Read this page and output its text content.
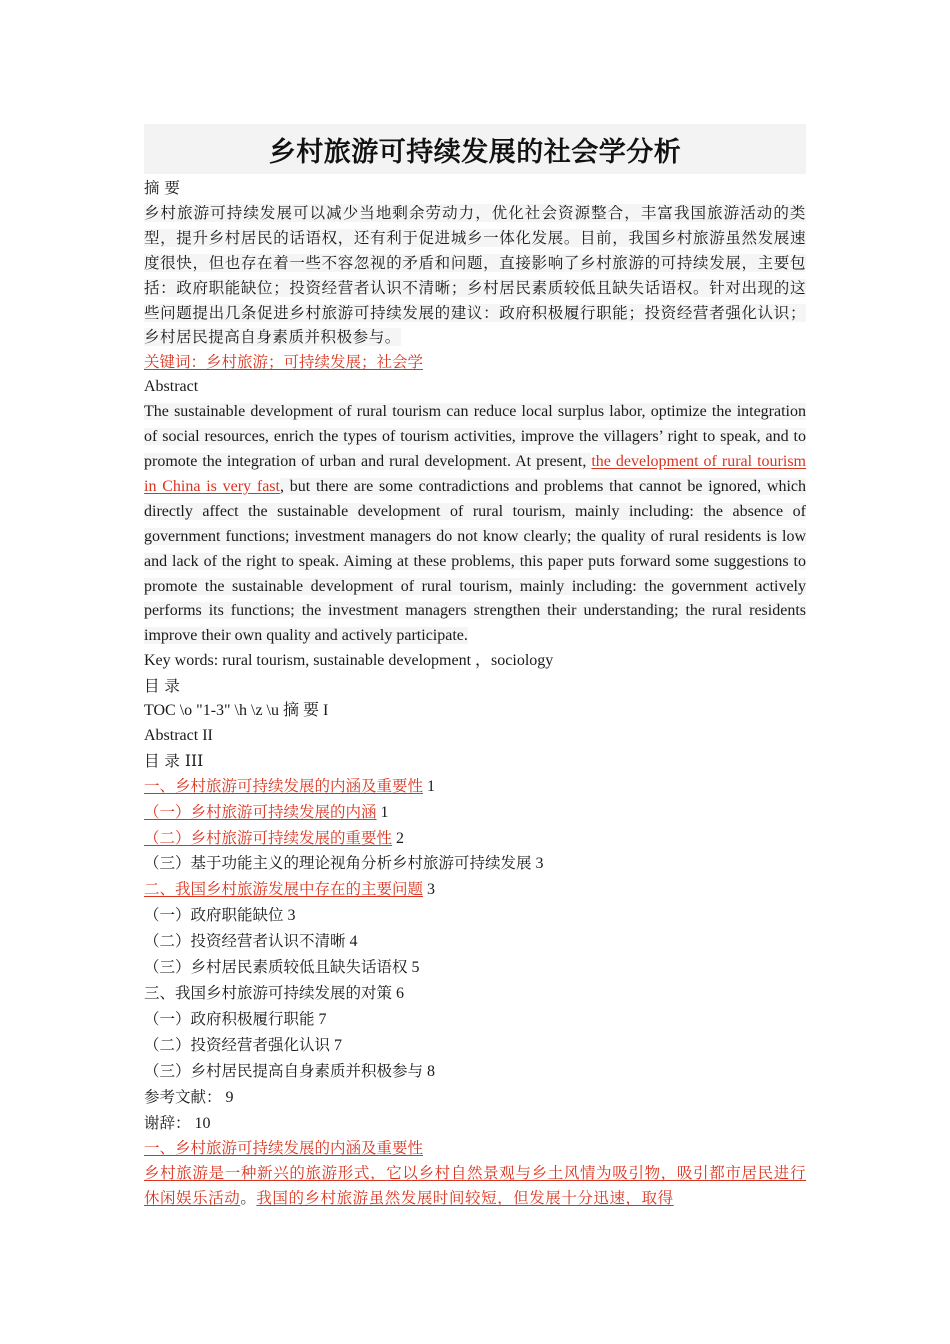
乡村旅游可持续发展的社会学分析
摘 要
乡村旅游可持续发展可以减少当地剩余劳动力，优化社会资源整合，丰富我国旅游活动的类型，提升乡村居民的话语权，还有利于促进城乡一体化发展。目前，我国乡村旅游虽然发展速度很快，但也存在着一些不容忽视的矛盾和问题，直接影响了乡村旅游的可持续发展，主要包括：政府职能缺位；投资经营者认识不清晰；乡村居民素质较低且缺失话语权。针对出现的这些问题提出几条促进乡村旅游可持续发展的建议：政府积极履行职能；投资经营者强化认识；乡村居民提高自身素质并积极参与。
关键词：乡村旅游；可持续发展；社会学
Abstract
The sustainable development of rural tourism can reduce local surplus labor, optimize the integration of social resources, enrich the types of tourism activities, improve the villagers’ right to speak, and to promote the integration of urban and rural development. At present, the development of rural tourism in China is very fast, but there are some contradictions and problems that cannot be ignored, which directly affect the sustainable development of rural tourism, mainly including: the absence of government functions; investment managers do not know clearly; the quality of rural residents is low and lack of the right to speak. Aiming at these problems, this paper puts forward some suggestions to promote the sustainable development of rural tourism, mainly including: the government actively performs its functions; the investment managers strengthen their understanding; the rural residents improve their own quality and actively participate.
Key words: rural tourism, sustainable development ，sociology
目 录
TOC \o "1-3" \h \z \u 摘 要 I
Abstract II
目 录 III
一、乡村旅游可持续发展的内涵及重要性 1
（一）乡村旅游可持续发展的内涵 1
（二）乡村旅游可持续发展的重要性 2
（三）基于功能主义的理论视角分析乡村旅游可持续发展 3
二、我国乡村旅游发展中存在的主要问题 3
（一）政府职能缺位 3
（二）投资经营者认识不清晰 4
（三）乡村居民素质较低且缺失话语权 5
三、我国乡村旅游可持续发展的对策 6
（一）政府积极履行职能 7
（二）投资经营者强化认识 7
（三）乡村居民提高自身素质并积极参与 8
参考文献： 9
谢辞： 10
一、乡村旅游可持续发展的内涵及重要性
乡村旅游是一种新兴的旅游形式，它以乡村自然景观与乡土风情为吸引物，吸引都市居民进行休闲娱乐活动。我国的乡村旅游虽然发展时间较短，但发展十分迅速，取得
